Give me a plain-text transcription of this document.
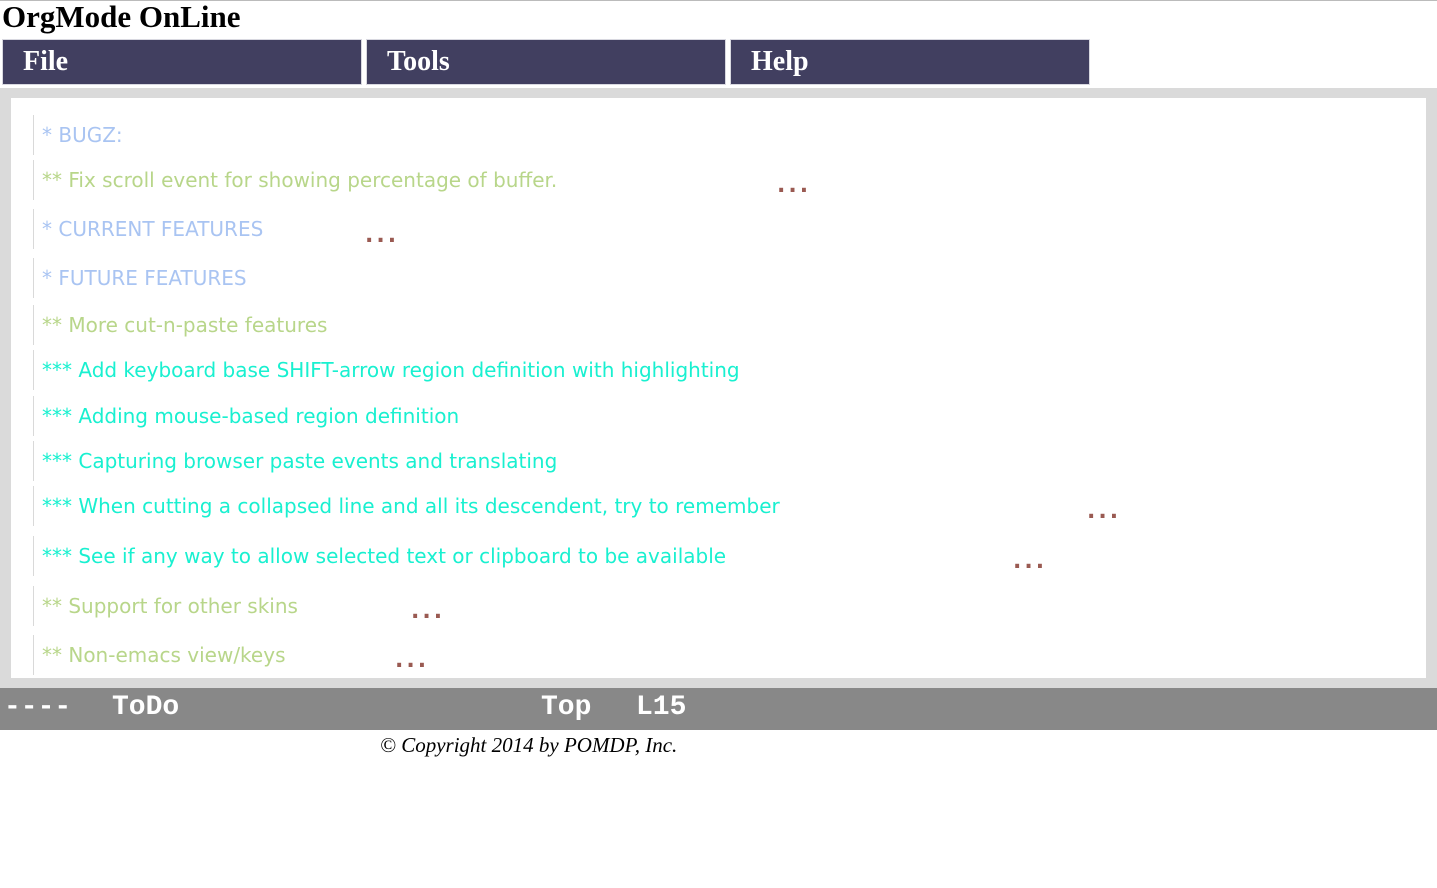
OrgMode OnLine
File	Tools	Help
* BUGZ:
** Fix scroll event for showing percentage of buffer.	...
* CURRENT FEATURES	...
* FUTURE FEATURES
** More cut-n-paste features
*** Add keyboard base SHIFT-arrow region definition with highlighting
*** Adding mouse-based region definition
*** Capturing browser paste events and translating
*** When cutting a collapsed line and all its descendent, try to remember	...
*** See if any way to allow selected text or clipboard to be available	...
** Support for other skins	...
** Non-emacs view/keys	...

----

ToDo

	Top

L15

© Copyright 2014 by POMDP, Inc.
